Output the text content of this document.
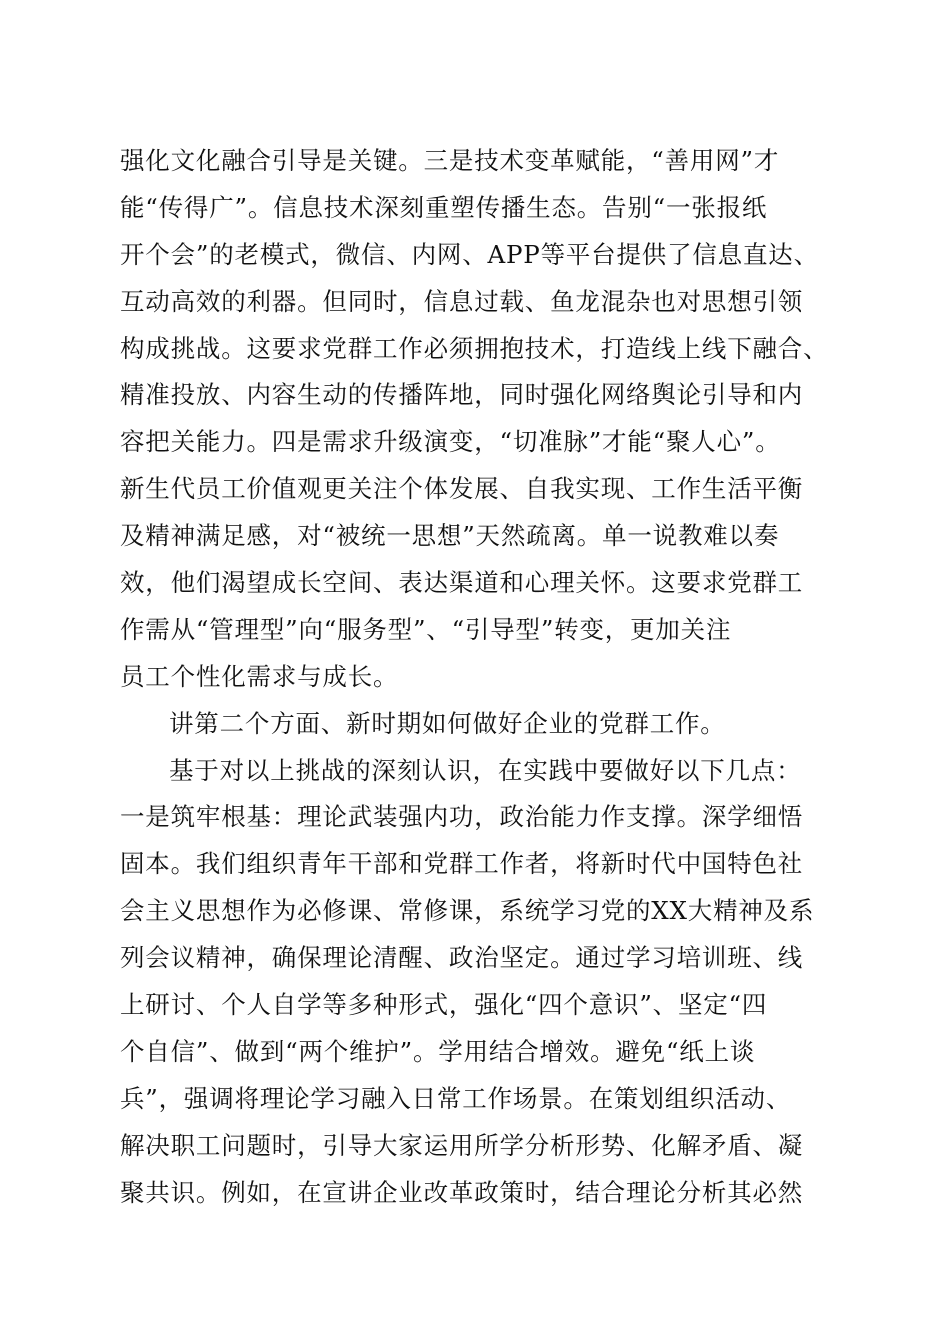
强化文化融合引导是关键。三是技术变革赋能，“善用网”才
能“传得广”。信息技术深刻重塑传播生态。告别“一张报纸
开个会”的老模式，微信、内网、APP等平台提供了信息直达、
互动高效的利器。但同时，信息过载、鱼龙混杂也对思想引领
构成挑战。这要求党群工作必须拥抱技术，打造线上线下融合、
精准投放、内容生动的传播阵地，同时强化网络舆论引导和内
容把关能力。四是需求升级演变，“切准脉”才能“聚人心”。
新生代员工价值观更关注个体发展、自我实现、工作生活平衡
及精神满足感，对“被统一思想”天然疏离。单一说教难以奏
效，他们渴望成长空间、表达渠道和心理关怀。这要求党群工
作需从“管理型”向“服务型”、“引导型”转变，更加关注
员工个性化需求与成长。
讲第二个方面、新时期如何做好企业的党群工作。
基于对以上挑战的深刻认识，在实践中要做好以下几点：
一是筑牢根基：理论武装强内功，政治能力作支撑。深学细悟
固本。我们组织青年干部和党群工作者，将新时代中国特色社
会主义思想作为必修课、常修课，系统学习党的XX大精神及系
列会议精神，确保理论清醒、政治坚定。通过学习培训班、线
上研讨、个人自学等多种形式，强化“四个意识”、坚定“四
个自信”、做到“两个维护”。学用结合增效。避免“纸上谈
兵”，强调将理论学习融入日常工作场景。在策划组织活动、
解决职工问题时，引导大家运用所学分析形势、化解矛盾、凝
聚共识。例如，在宣讲企业改革政策时，结合理论分析其必然
